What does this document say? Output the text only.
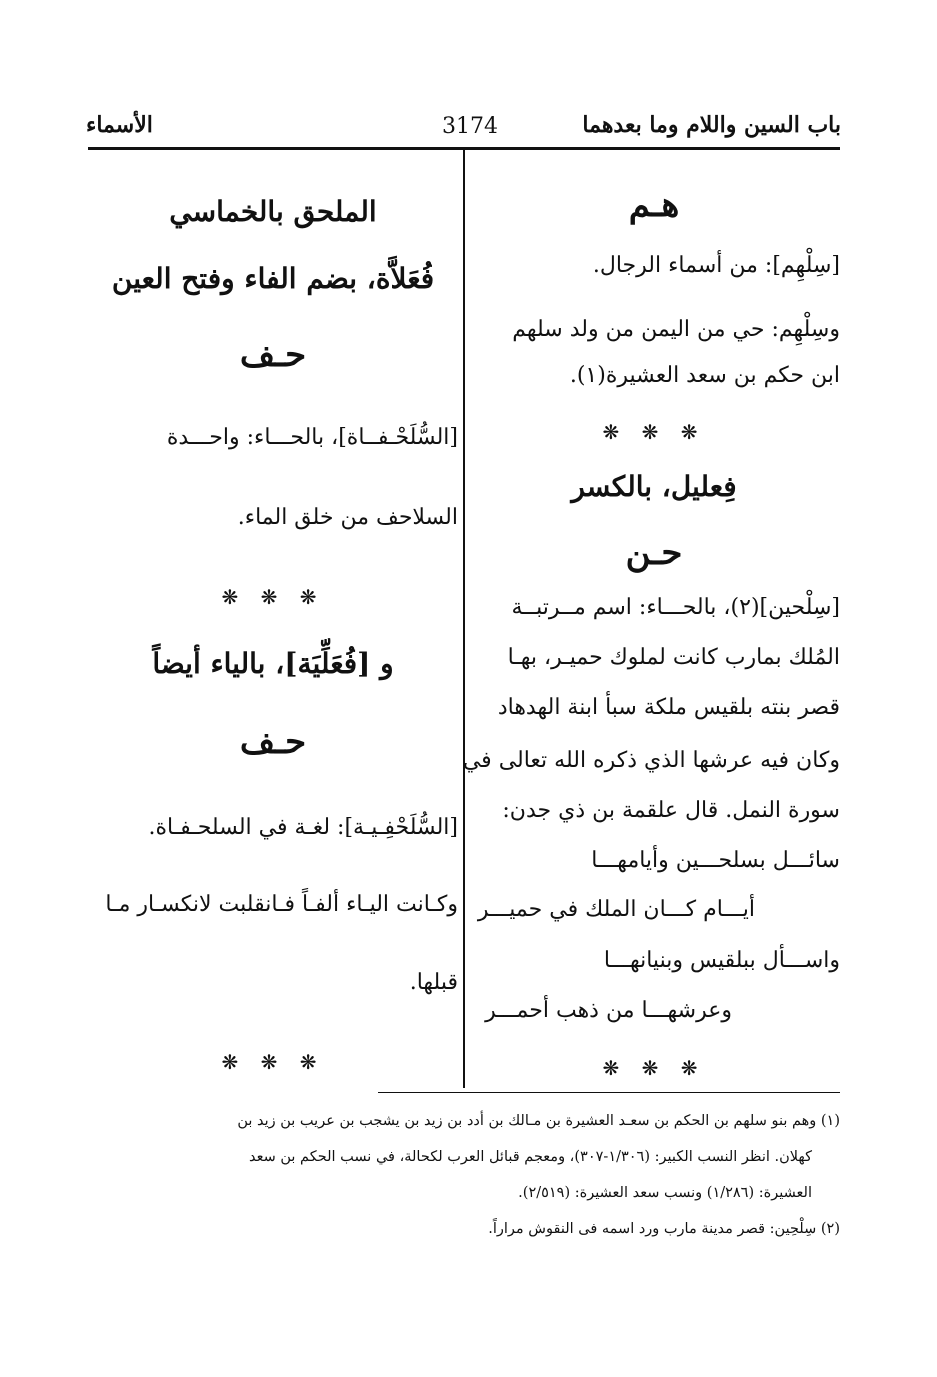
باب السين واللام وما بعدهما
3174
الأسماء
هـم
[سِلْهِم]: من أسماء الرجال.
وسِلْهِم: حي من اليمن من ولد سلهم
ابن حكم بن سعد العشيرة(١).
❋ ❋ ❋
فِعليل، بالكسر
حـن
[سِلْحين](٢)، بالحـــاء: اسم مــرتبــة
المُلك بمارب كانت لملوك حميـر، بهـا
قصر بنته بلقيس ملكة سبأ ابنة الهدهاد
وكان فيه عرشها الذي ذكره الله تعالى في
سورة النمل. قال علقمة بن ذي جدن:
سائـــل بسلحـــين وأيامهـــا
أيـــام كـــان الملك في حميـــر
واســـأل ببلقيس وبنيانهـــا
وعرشهـــا من ذهب أحمـــر
❋ ❋ ❋
الملحق بالخماسي
فُعَلاَّة، بضم الفاء وفتح العين
حـف
[السُّلَحْـفــاة]، بالحـــاء: واحـــدة
السلاحف من خلق الماء.
❋ ❋ ❋
و [فُعَلِّيَة]، بالياء أيضاً
حـف
[السُّلَحْفِـيـة]: لغـة في السلحـفـاة.
وكـانت اليـاء ألفـاً فـانقلبت لانكسـار مـا
قبلها.
❋ ❋ ❋
(١) وهم بنو سلهم بن الحكم بن سعـد العشيرة بن مـالك بن أدد بن زيد بن يشجب بن عريب بن زيد بن
كهلان. انظر النسب الكبير: (١/٣٠٦-٣٠٧)، ومعجم قبائل العرب لكحالة، في نسب الحكم بن سعد
العشيرة: (١/٢٨٦) ونسب سعد العشيرة: (٢/٥١٩).
(٢) سِلْحِين: قصر مدينة مارب ورد اسمه فى النقوش مراراً.
